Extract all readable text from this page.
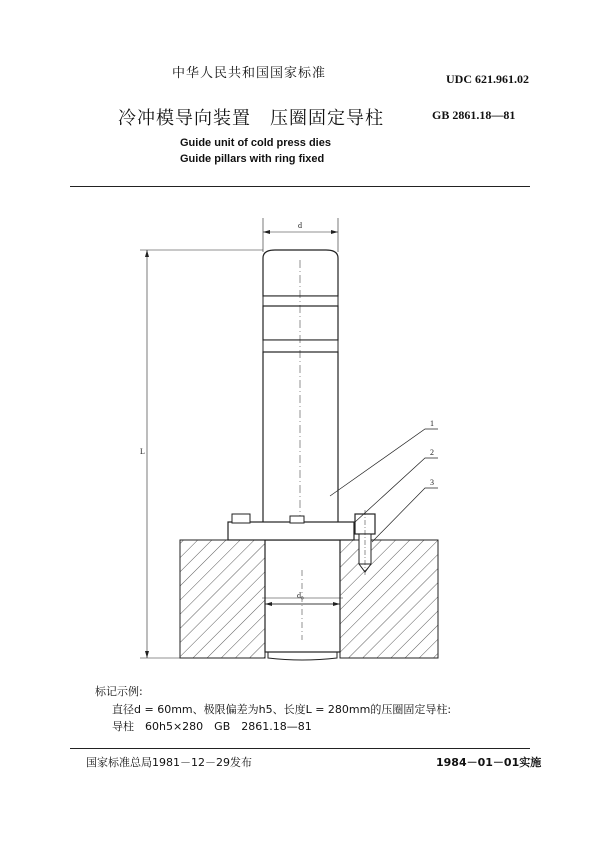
中华人民共和国国家标准	UDC 621.961.02
冷冲模导向装置　压圈固定导柱	GB 2861.18—81
Guide unit of cold press dies
Guide pillars with ring fixed
d
L
d₀
1
2
3
标记示例:
直径d = 60mm、极限偏差为h5、长度L = 280mm的压圈固定导柱:
导柱　60h5×280　GB　2861.18—81
国家标准总局1981－12－29发布	1984－01－01实施
